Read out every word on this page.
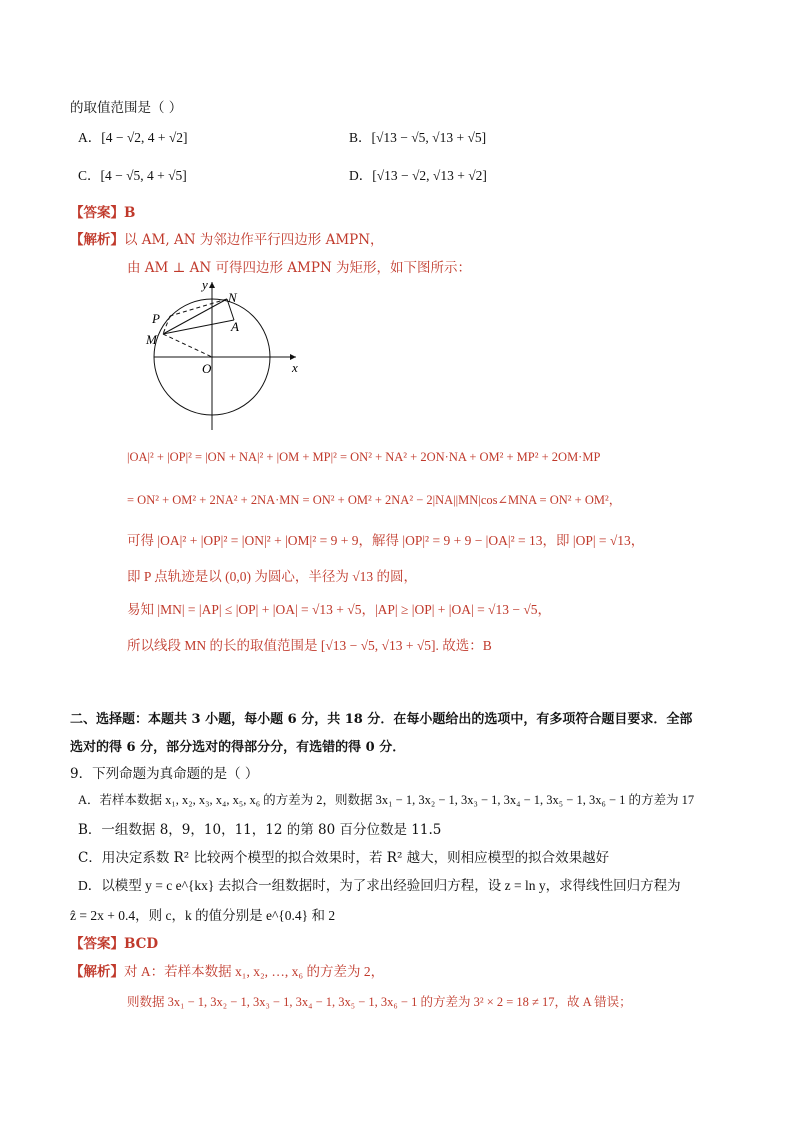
的取值范围是（ ）
A．[4 − √2, 4 + √2]	B．[√13 − √5, √13 + √5]
C．[4 − √5, 4 + √5]	D．[√13 − √2, √13 + √2]
【答案】B
【解析】以 AM, AN 为邻边作平行四边形 AMPN，
由 AM ⊥ AN 可得四边形 AMPN 为矩形，如下图所示：
y
x
O
N
A
P
M
|OA|² + |OP|² = |ON + NA|² + |OM + MP|² = ON² + NA² + 2ON·NA + OM² + MP² + 2OM·MP
= ON² + OM² + 2NA² + 2NA·MN = ON² + OM² + 2NA² − 2|NA||MN|cos∠MNA = ON² + OM²，
可得 |OA|² + |OP|² = |ON|² + |OM|² = 9 + 9，解得 |OP|² = 9 + 9 − |OA|² = 13，即 |OP| = √13，
即 P 点轨迹是以 (0,0) 为圆心，半径为 √13 的圆，
易知 |MN| = |AP| ≤ |OP| + |OA| = √13 + √5，|AP| ≥ |OP| + |OA| = √13 − √5，
所以线段 MN 的长的取值范围是 [√13 − √5, √13 + √5]. 故选：B
二、选择题：本题共 3 小题，每小题 6 分，共 18 分．在每小题给出的选项中，有多项符合题目要求．全部
选对的得 6 分，部分选对的得部分分，有选错的得 0 分．
9．下列命题为真命题的是（ ）
A．若样本数据 x₁, x₂, x₃, x₄, x₅, x₆ 的方差为 2，则数据 3x₁ − 1, 3x₂ − 1, 3x₃ − 1, 3x₄ − 1, 3x₅ − 1, 3x₆ − 1 的方差为 17
B．一组数据 8，9，10，11，12 的第 80 百分位数是 11.5
C．用决定系数 R² 比较两个模型的拟合效果时，若 R² 越大，则相应模型的拟合效果越好
D．以模型 y = c e^{kx} 去拟合一组数据时，为了求出经验回归方程，设 z = ln y，求得线性回归方程为
ẑ = 2x + 0.4，则 c，k 的值分别是 e^{0.4} 和 2
【答案】BCD
【解析】对 A：若样本数据 x₁, x₂, …, x₆ 的方差为 2，
则数据 3x₁ − 1, 3x₂ − 1, 3x₃ − 1, 3x₄ − 1, 3x₅ − 1, 3x₆ − 1 的方差为 3² × 2 = 18 ≠ 17，故 A 错误；
